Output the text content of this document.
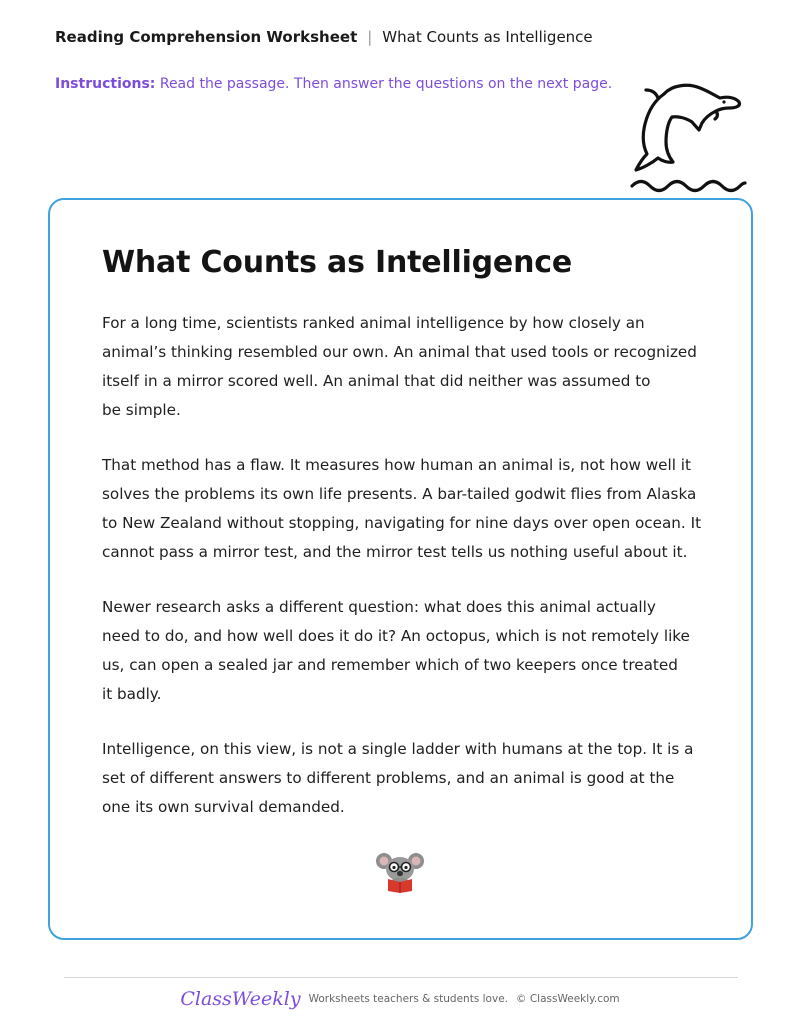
Reading Comprehension Worksheet | What Counts as Intelligence
Instructions: Read the passage. Then answer the questions on the next page.
What Counts as Intelligence

For a long time, scientists ranked animal intelligence by how closely an
animal’s thinking resembled our own. An animal that used tools or recognized
itself in a mirror scored well. An animal that did neither was assumed to
be simple.

That method has a flaw. It measures how human an animal is, not how well it
solves the problems its own life presents. A bar-tailed godwit flies from Alaska
to New Zealand without stopping, navigating for nine days over open ocean. It
cannot pass a mirror test, and the mirror test tells us nothing useful about it.

Newer research asks a different question: what does this animal actually
need to do, and how well does it do it? An octopus, which is not remotely like
us, can open a sealed jar and remember which of two keepers once treated
it badly.

Intelligence, on this view, is not a single ladder with humans at the top. It is a
set of different answers to different problems, and an animal is good at the
one its own survival demanded.

ClassWeekly Worksheets teachers & students love. © ClassWeekly.com
